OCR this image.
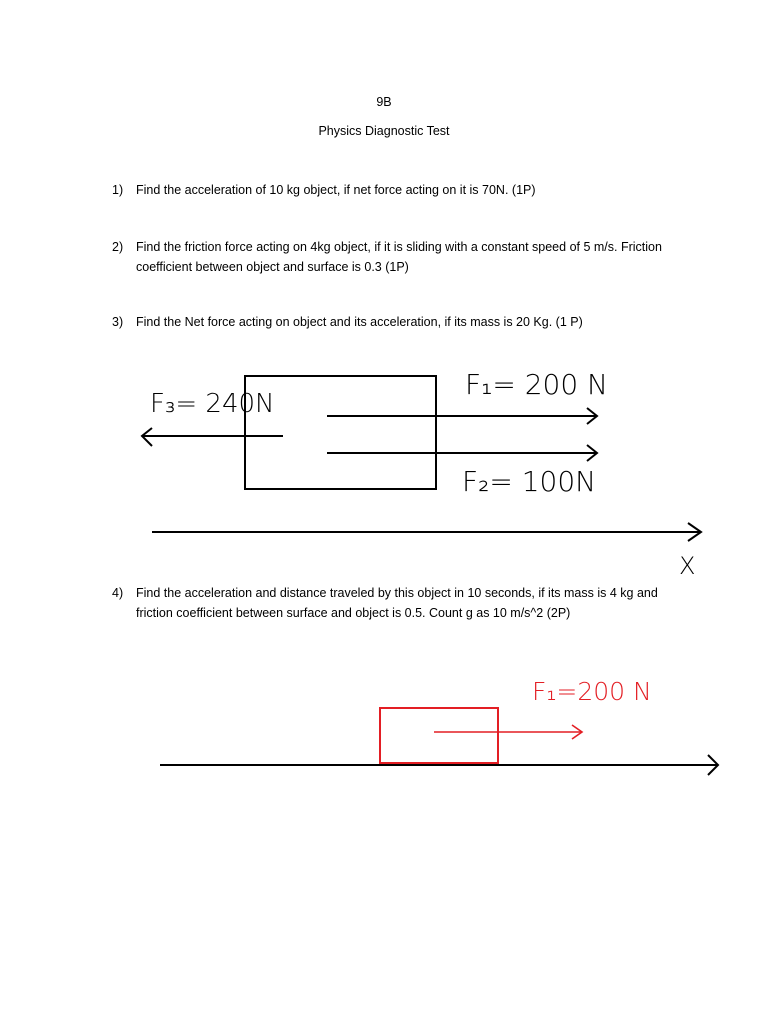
9B
Physics Diagnostic Test
1) Find the acceleration of 10 kg object, if net force acting on it is 70N. (1P)
2) Find the friction force acting on 4kg object, if it is sliding with a constant speed of 5 m/s. Friction
coefficient between object and surface is 0.3 (1P)
3) Find the Net force acting on object and its acceleration, if its mass is 20 Kg. (1 P)
F₃= 240N
F₁= 200 N
F₂= 100N
X
F₁=200 N
4) Find the acceleration and distance traveled by this object in 10 seconds, if its mass is 4 kg and
friction coefficient between surface and object is 0.5. Count g as 10 m/s^2 (2P)
